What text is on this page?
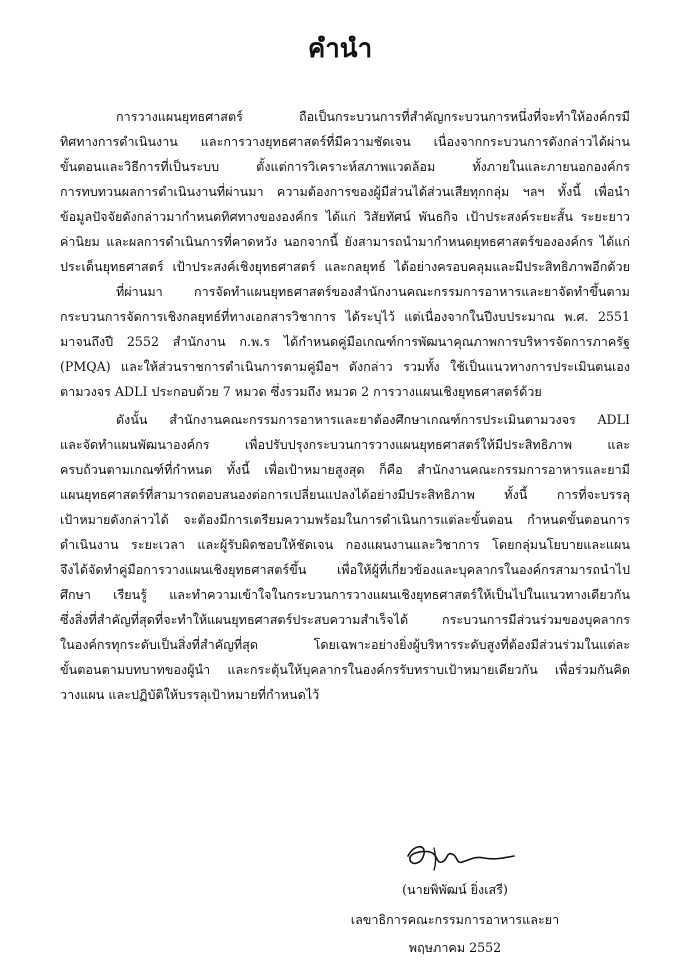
คำนำ
การวางแผนยุทธศาสตร์ ถือเป็นกระบวนการที่สำคัญกระบวนการหนึ่งที่จะทำให้องค์กรมี
ทิศทางการดำเนินงาน และการวางยุทธศาสตร์ที่มีความชัดเจน เนื่องจากกระบวนการดังกล่าวได้ผ่าน
ขั้นตอนและวิธีการที่เป็นระบบ ตั้งแต่การวิเคราะห์สภาพแวดล้อม ทั้งภายในและภายนอกองค์กร
การทบทวนผลการดำเนินงานที่ผ่านมา ความต้องการของผู้มีส่วนได้ส่วนเสียทุกกลุ่ม ฯลฯ ทั้งนี้ เพื่อนำ
ข้อมูลปัจจัยดังกล่าวมากำหนดทิศทางขององค์กร ได้แก่ วิสัยทัศน์ พันธกิจ เป้าประสงค์ระยะสั้น ระยะยาว
ค่านิยม และผลการดำเนินการที่คาดหวัง นอกจากนี้ ยังสามารถนำมากำหนดยุทธศาสตร์ขององค์กร ได้แก่
ประเด็นยุทธศาสตร์ เป้าประสงค์เชิงยุทธศาสตร์ และกลยุทธ์ ได้อย่างครอบคลุมและมีประสิทธิภาพอีกด้วย
ที่ผ่านมา การจัดทำแผนยุทธศาสตร์ของสำนักงานคณะกรรมการอาหารและยาจัดทำขึ้นตาม
กระบวนการจัดการเชิงกลยุทธ์ที่ทางเอกสารวิชาการ ได้ระบุไว้ แต่เนื่องจากในปีงบประมาณ พ.ศ. 2551
มาจนถึงปี 2552 สำนักงาน ก.พ.ร ได้กำหนดคู่มือเกณฑ์การพัฒนาคุณภาพการบริหารจัดการภาครัฐ
(PMQA) และให้ส่วนราชการดำเนินการตามคู่มือฯ ดังกล่าว รวมทั้ง ใช้เป็นแนวทางการประเมินตนเอง
ตามวงจร ADLI ประกอบด้วย 7 หมวด ซึ่งรวมถึง หมวด 2 การวางแผนเชิงยุทธศาสตร์ด้วย
ดังนั้น สำนักงานคณะกรรมการอาหารและยาต้องศึกษาเกณฑ์การประเมินตามวงจร ADLI
และจัดทำแผนพัฒนาองค์กร เพื่อปรับปรุงกระบวนการวางแผนยุทธศาสตร์ให้มีประสิทธิภาพ และ
ครบถ้วนตามเกณฑ์ที่กำหนด ทั้งนี้ เพื่อเป้าหมายสูงสุด ก็คือ สำนักงานคณะกรรมการอาหารและยามี
แผนยุทธศาสตร์ที่สามารถตอบสนองต่อการเปลี่ยนแปลงได้อย่างมีประสิทธิภาพ ทั้งนี้ การที่จะบรรลุ
เป้าหมายดังกล่าวได้ จะต้องมีการเตรียมความพร้อมในการดำเนินการแต่ละขั้นตอน กำหนดขั้นตอนการ
ดำเนินงาน ระยะเวลา และผู้รับผิดชอบให้ชัดเจน กองแผนงานและวิชาการ โดยกลุ่มนโยบายและแผน
จึงได้จัดทำคู่มือการวางแผนเชิงยุทธศาสตร์ขึ้น เพื่อให้ผู้ที่เกี่ยวข้องและบุคลากรในองค์กรสามารถนำไป
ศึกษา เรียนรู้ และทำความเข้าใจในกระบวนการวางแผนเชิงยุทธศาสตร์ให้เป็นไปในแนวทางเดียวกัน
ซึ่งสิ่งที่สำคัญที่สุดที่จะทำให้แผนยุทธศาสตร์ประสบความสำเร็จได้ กระบวนการมีส่วนร่วมของบุคลากร
ในองค์กรทุกระดับเป็นสิ่งที่สำคัญที่สุด โดยเฉพาะอย่างยิ่งผู้บริหารระดับสูงที่ต้องมีส่วนร่วมในแต่ละ
ขั้นตอนตามบทบาทของผู้นำ และกระตุ้นให้บุคลากรในองค์กรรับทราบเป้าหมายเดียวกัน เพื่อร่วมกันคิด
วางแผน และปฏิบัติให้บรรลุเป้าหมายที่กำหนดไว้
(นายพิพัฒน์ ยิ่งเสรี)
เลขาธิการคณะกรรมการอาหารและยา
พฤษภาคม 2552
